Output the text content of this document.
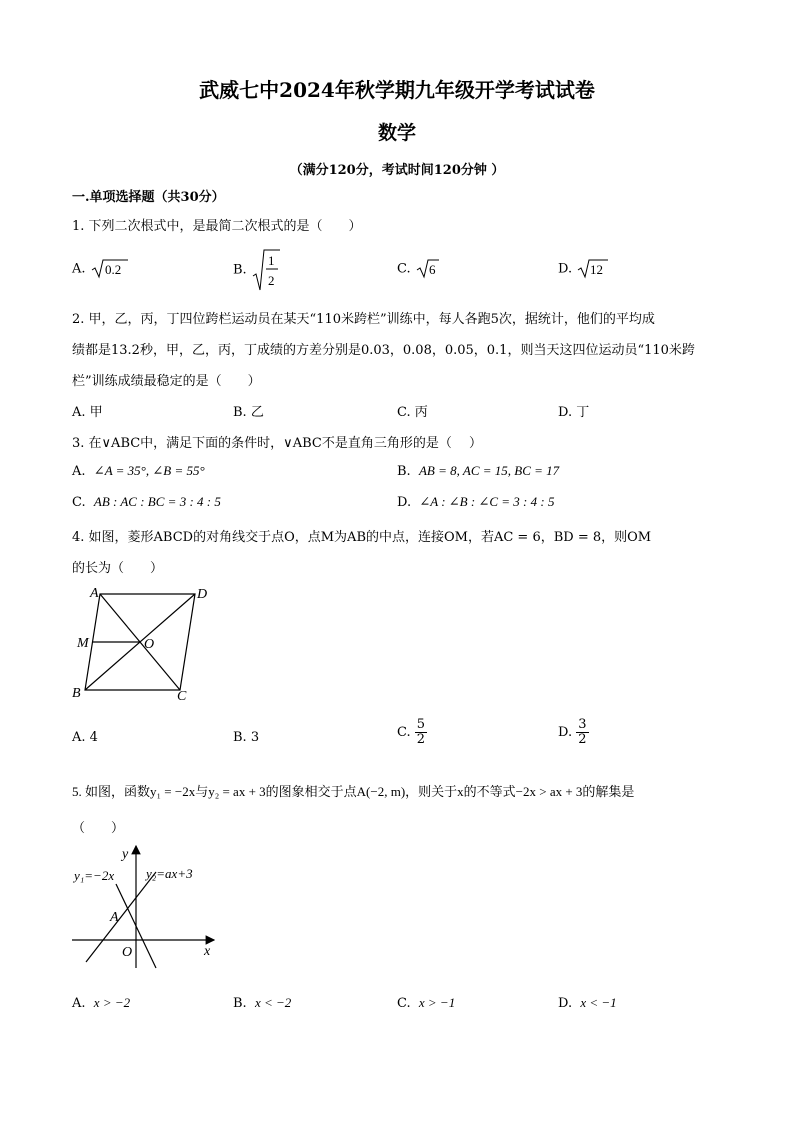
武威七中2024年秋学期九年级开学考试试卷
数学
（满分120分，考试时间120分钟 ）
一.单项选择题（共30分）
1. 下列二次根式中，是最简二次根式的是（　　）
A. 0.2	B.
1
2
C. 6	D. 12
2. 甲，乙，丙，丁四位跨栏运动员在某天“110米跨栏”训练中，每人各跑5次，据统计，他们的平均成
绩都是13.2秒，甲，乙，丙，丁成绩的方差分别是0.03，0.08，0.05，0.1，则当天这四位运动员“110米跨
栏”训练成绩最稳定的是（　　）
A. 甲	B. 乙	C. 丙	D. 丁
3. 在∨ABC中，满足下面的条件时，∨ABC不是直角三角形的是（　 ）
A. ∠A = 35°, ∠B = 55°	B. AB = 8, AC = 15, BC = 17
C. AB : AC : BC = 3 : 4 : 5	D. ∠A : ∠B : ∠C = 3 : 4 : 5
4. 如图，菱形ABCD的对角线交于点O，点M为AB的中点，连接OM，若AC = 6，BD = 8，则OM
的长为（　　）
A	D
M	O
B	C
A. 4	B. 3	C. $\frac{5}{2}$	D. $\frac{3}{2}$
5. 如图，函数y₁ = −2x与y₂ = ax + 3的图象相交于点A(−2, m)，则关于x的不等式−2x > ax + 3的解集是
（　　）
y
y₁=−2x y₂=ax+3
A
O	x
A. x > −2	B. x < −2	C. x > −1	D. x < −1
